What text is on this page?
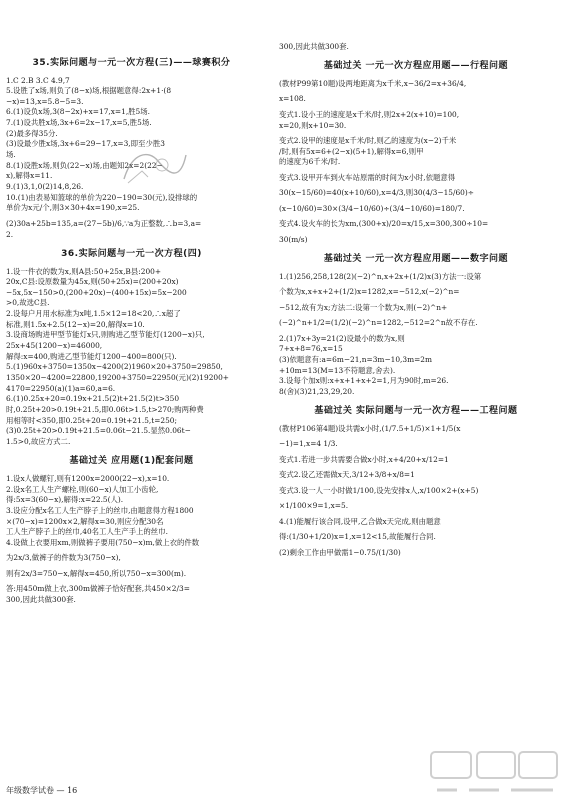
35.实际问题与一元一次方程(三)——球赛积分
1.C 2.B 3.C 4.9,7
5.设胜了x场,则负了(8−x)场,根据题意得:2x+1·(8
−x)=13,x=5.8−5=3.
6.(1)设负x场,3(8−2x)+x=17,x=1,胜5场.
7.(1)设共胜x场,3x+6=2x−17,x=5,胜5场.
(2)最多得35分.
(3)设最少胜x场,3x+6=29−17,x=3,即至少胜3
场.
8.(1)设胜x场,则负(22−x)场,由题知2x=2(22−
x),解得x=11.
9.(1)3,1,0(2)14,8,26.
10.(1)由表易知篮球的单价为220−190=30(元),设排球的
单价为x元/个,则3×30+4x=190,x=25.
(2)30a+25b=135,a=(27−5b)/6,∵a为正整数,∴b=3,a=
2.
36.实际问题与一元一次方程(四)
1.设一件衣的数为x,则A县:50+25x,B县:200+
20x,C县:设原数量为45x,则(50+25x)=(200+20x)
−5x,5x−150>0,(200+20x)−(400+15x)=5x−200
>0,故选C县.
2.设每户月用水标准为x吨,1.5×12=18<20,∴x超了
标准,则1.5x+2.5(12−x)=20,解得x=10.
3.设商场购进甲型节能灯x只,则购进乙型节能灯(1200−x)只,
25x+45(1200−x)=46000,
解得:x=400,购进乙型节能灯1200−400=800(只).
5.(1)960x+3750=1350x−4200(2)1960×20+3750=29850,
1350×20−4200=22800,19200+3750=22950(元)(2)19200+
4170=22950(a)(1)a=60,a=6.
6.(1)0.25x+20=0.19x+21.5(2)t+21.5(2)t>350
时,0.25t+20>0.19t+21.5,即0.06t>1.5,t>270;购两种费
用相等时<350,即0.25t+20=0.19t+21.5,t=250;
(3)0.25t+20>0.19t+21.5=0.06t−21.5.显然0.06t−
1.5>0,故应方式二.
基础过关 应用题(1)配套问题
1.设x人做螺钉,则有1200x=2000(22−x),x=10.
2.设x名工人生产螺栓,则(60−x)人加工小齿轮,
得:5x=3(60−x),解得:x=22.5(人).
3.设应分配x名工人生产脖子上的丝巾,由题意得方程1800
×(70−x)=1200x×2,解得x=30,则应分配30名
工人生产脖子上的丝巾,40名工人生产手上的丝巾.
4.设做上衣要用xm,则做裤子要用(750−x)m,做上衣的件数
为2x/3,做裤子的件数为3(750−x),
则有2x/3=750−x,解得x=450,所以750−x=300(m).
答:用450m做上衣,300m做裤子恰好配套,共450×2/3=
300,因此共做300套.
年级数学试卷 — 16
300,因此共做300套.
基础过关 一元一次方程应用题——行程问题
(教材P99第10题)设两地距离为x千米,x−36/2=x+36/4,
x=108.
变式1.设小王的速度是x千米/时,则2x+2(x+10)=100,
x=20,则x+10=30.
变式2.设甲的速度是x千米/时,则乙的速度为(x−2)千米
/时,则有5x=6+(2−x)(5+1),解得x=6,则甲
的速度为6千米/时.
变式3.设甲开车到火车站原需的时间为x小时,依题意得
30(x−15/60)=40(x+10/60),x=4/3,则30(4/3−15/60)÷
(x−10/60)=30×(3/4−10/60)÷(3/4−10/60)=180/7.
变式4.设火车的长为xm,(300+x)/20=x/15,x=300,300÷10=
30(m/s)
基础过关 一元一次方程应用题——数字问题
1.(1)256,258,128(2)(−2)^n,x+2x+(1/2)x(3)方法一:设第
个数为x,x+x+2+(1/2)x=1282,x=−512,x(−2)^n=
−512,故有为x;方法二:设第一个数为x,则(−2)^n+
(−2)^n+1/2=(1/2)(−2)^n=1282,−512=2^n故不存在.
2.(1)7x+3y=21(2)设最小的数为x,则
7+x+8=76,x=15
(3)依题意有:a=6m−21,n=3m−10,3m=2m
+10m=13(M=13不符题意,舍去).
3.设每个加x则:x+x+1+x+2=1,月为90时,m=26.
8(舍)(3)21,23,29,20.
基础过关 实际问题与一元一次方程——工程问题
(教材P106第4题)设共需x小时,(1/7.5+1/5)×1+1/5(x
−1)=1,x=4 1/3.
变式1.若进一步共需要合做x小时,x+4/20+x/12=1
变式2.设乙还需做x天,3/12+3/8+x/8=1
变式3.设一人一小时做1/100,设先安排x人,x/100×2+(x+5)
×1/100×9=1,x=5.
4.(1)能履行该合同,设甲,乙合做x天完成,则由题意
得:(1/30+1/20)x=1,x=12<15,故能履行合同.
(2)剩余工作由甲做需1−0.75/(1/30)
